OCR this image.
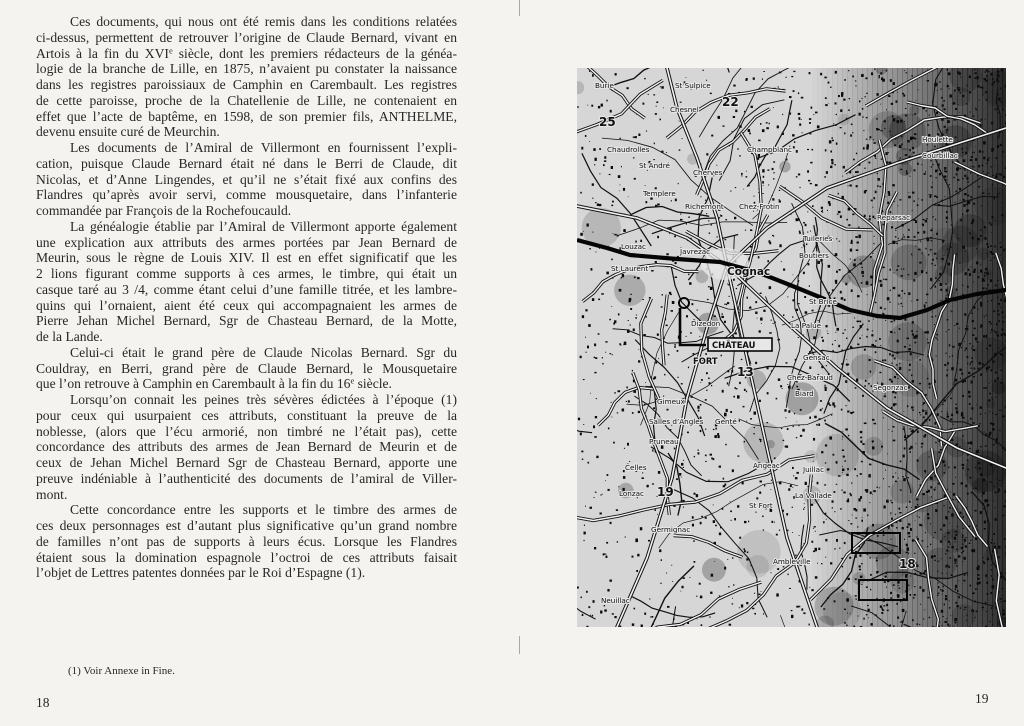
Ces documents, qui nous ont été remis dans les conditions relatées
ci-dessus, permettent de retrouver l’origine de Claude Bernard, vivant en
Artois à la fin du XVIe siècle, dont les premiers rédacteurs de la généa-
logie de la branche de Lille, en 1875, n’avaient pu constater la naissance
dans les registres paroissiaux de Camphin en Carembault. Les registres
de cette paroisse, proche de la Chatellenie de Lille, ne contenaient en
effet que l’acte de baptême, en 1598, de son premier fils, ANTHELME,
devenu ensuite curé de Meurchin.

Les documents de l’Amiral de Villermont en fournissent l’expli-
cation, puisque Claude Bernard était né dans le Berri de Claude, dit
Nicolas, et d’Anne Lingendes, et qu’il ne s’était fixé aux confins des
Flandres qu’après avoir servi, comme mousquetaire, dans l’infanterie
commandée par François de la Rochefoucauld.

La généalogie établie par l’Amiral de Villermont apporte également
une explication aux attributs des armes portées par Jean Bernard de
Meurin, sous le règne de Louis XIV. Il est en effet significatif que les
2 lions figurant comme supports à ces armes, le timbre, qui était un
casque taré au 3 /4, comme étant celui d’une famille titrée, et les lambre-
quins qui l’ornaient, aient été ceux qui accompagnaient les armes de
Pierre Jehan Michel Bernard, Sgr de Chasteau Bernard, de la Motte,
de la Lande.

Celui-ci était le grand père de Claude Nicolas Bernard. Sgr du
Couldray, en Berri, grand père de Claude Bernard, le Mousquetaire
que l’on retrouve à Camphin en Carembault à la fin du 16e siècle.

Lorsqu’on connait les peines très sévères édictées à l’époque (1)
pour ceux qui usurpaient ces attributs, constituant la preuve de la
noblesse, (alors que l’écu armorié, non timbré ne l’était pas), cette
concordance des attributs des armes de Jean Bernard de Meurin et de
ceux de Jehan Michel Bernard Sgr de Chasteau Bernard, apporte une
preuve indéniable à l’authenticité des documents de l’amiral de Viller-
mont.

Cette concordance entre les supports et le timbre des armes de
ces deux personnages est d’autant plus significative qu’un grand nombre
de familles n’ont pas de supports à leurs écus. Lorsque les Flandres
étaient sous la domination espagnole l’octroi de ces attributs faisait
l’objet de Lettres patentes données par le Roi d’Espagne (1).

(1) Voir Annexe in Fine.
18
Burie	St Sulpice
22
Chesnel
25
Chaudrolles	Champblanc
Houlette
Courbillac
St André
Cherves
Templere
Richemont Chez-Frotin
Reparsac
Louzac
Tuileries
Javrezac	Boutiers
St Laurent	Cognac
St Brice
Dizedon
CHÂTEAU
FORT
La Palue
Gensac
13	Chez-Baraud
Biard
Segonzac
Gimeux
Salles d’Angles Genté
Pruneau
Celles	Angeac	Juillac
Lonzac 19	La Vallade
St Fort
Germignac
Ambleville	18
Neuillac
19
